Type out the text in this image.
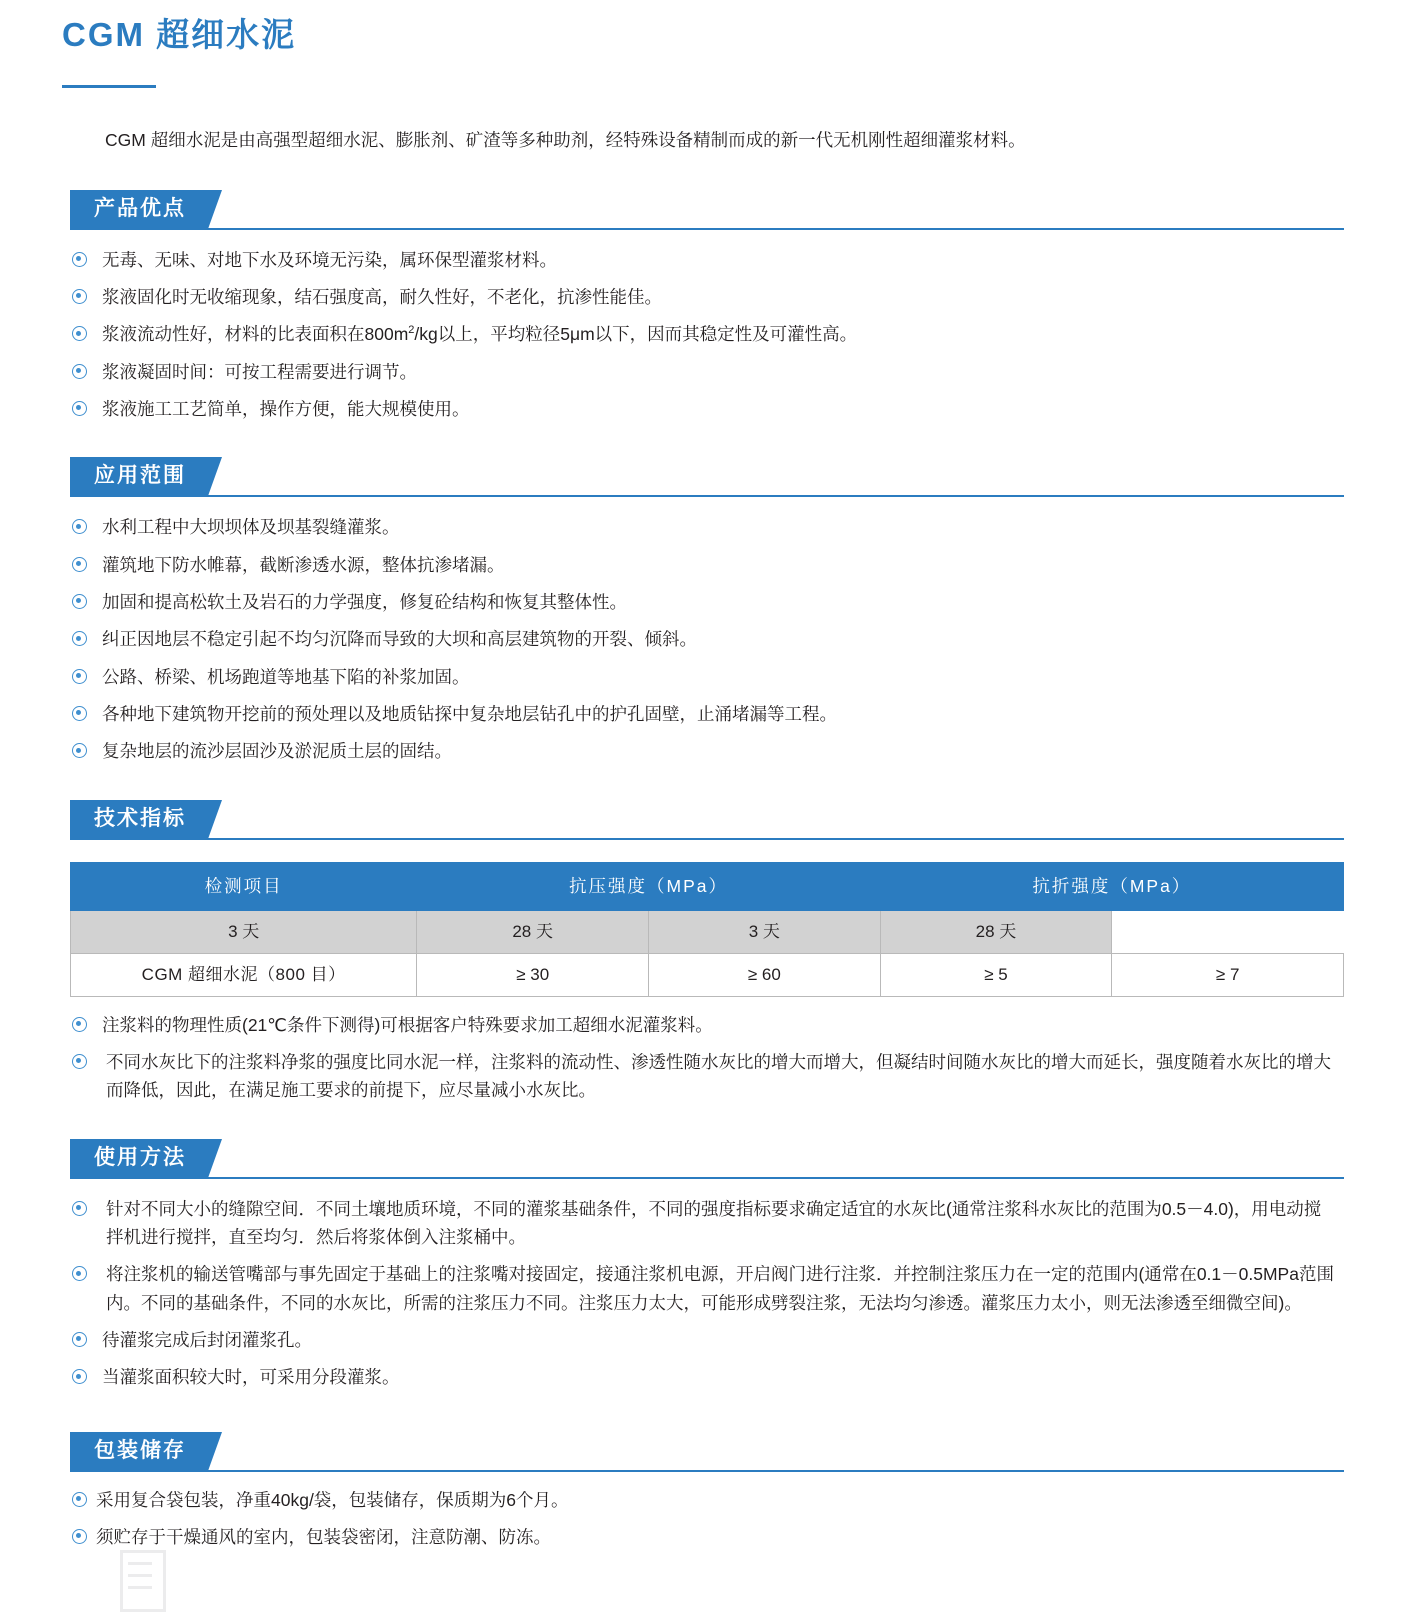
CGM 超细水泥

CGM 超细水泥是由高强型超细水泥、膨胀剂、矿渣等多种助剂，经特殊设备精制而成的新一代无机刚性超细灌浆材料。

产品优点
无毒、无味、对地下水及环境无污染，属环保型灌浆材料。
浆液固化时无收缩现象，结石强度高，耐久性好，不老化，抗渗性能佳。
浆液流动性好，材料的比表面积在$800m^2/kg$以上，平均粒径5μm以下，因而其稳定性及可灌性高。
浆液凝固时间：可按工程需要进行调节。
浆液施工工艺简单，操作方便，能大规模使用。
应用范围
水利工程中大坝坝体及坝基裂缝灌浆。
灌筑地下防水帷幕，截断渗透水源，整体抗渗堵漏。
加固和提高松软土及岩石的力学强度，修复砼结构和恢复其整体性。
纠正因地层不稳定引起不均匀沉降而导致的大坝和高层建筑物的开裂、倾斜。
公路、桥梁、机场跑道等地基下陷的补浆加固。
各种地下建筑物开挖前的预处理以及地质钻探中复杂地层钻孔中的护孔固壁，止涌堵漏等工程。
复杂地层的流沙层固沙及淤泥质土层的固结。
技术指标
检测项目	抗压强度（MPa）		抗折强度（MPa）	
3 天	28 天	3 天	28 天	
CGM 超细水泥（800 目）	≥ 30	≥ 60	≥ 5	≥ 7
注浆料的物理性质(21℃条件下测得)可根据客户特殊要求加工超细水泥灌浆料。
不同水灰比下的注浆料净浆的强度比同水泥一样，注浆料的流动性、渗透性随水灰比的增大而增大，但凝结时间随水灰比的增大而延长，强度随着水灰比的增大而降低，因此，在满足施工要求的前提下，应尽量减小水灰比。
使用方法
针对不同大小的缝隙空间．不同土壤地质环境，不同的灌浆基础条件，不同的强度指标要求确定适宜的水灰比(通常注浆科水灰比的范围为0.5－4.0)，用电动搅拌机进行搅拌，直至均匀．然后将浆体倒入注浆桶中。
将注浆机的输送管嘴部与事先固定于基础上的注浆嘴对接固定，接通注浆机电源，开启阀门进行注浆．并控制注浆压力在一定的范围内(通常在0.1－0.5MPa范围内。不同的基础条件，不同的水灰比，所需的注浆压力不同。注浆压力太大，可能形成劈裂注浆，无法均匀渗透。灌浆压力太小，则无法渗透至细微空间)。
待灌浆完成后封闭灌浆孔。
当灌浆面积较大时，可采用分段灌浆。
包装储存
采用复合袋包装，净重40kg/袋，包装储存，保质期为6个月。
须贮存于干燥通风的室内，包装袋密闭，注意防潮、防冻。
